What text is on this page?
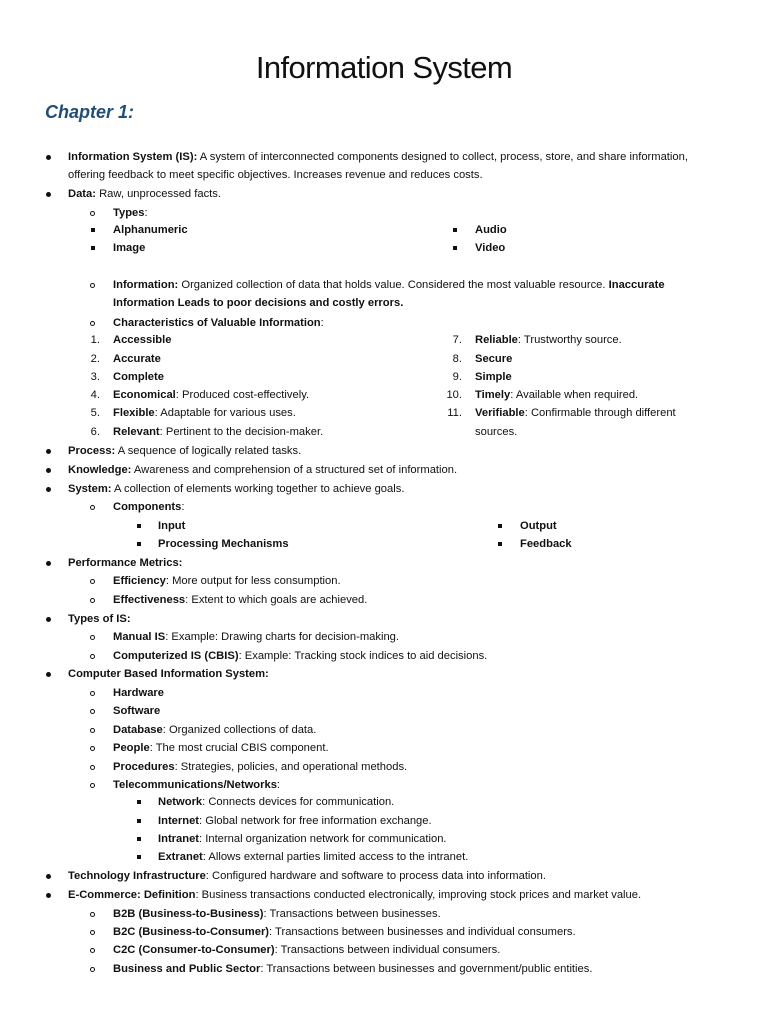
Information System
Chapter 1:
Information System (IS): A system of interconnected components designed to collect, process, store, and share information, offering feedback to meet specific objectives. Increases revenue and reduces costs.
Data: Raw, unprocessed facts.
Types:
Alphanumeric	Audio
Image	Video
Information: Organized collection of data that holds value. Considered the most valuable resource. Inaccurate Information Leads to poor decisions and costly errors.
Characteristics of Valuable Information:
1. Accessible
2. Accurate
3. Complete
4. Economical: Produced cost-effectively.
5. Flexible: Adaptable for various uses.
6. Relevant: Pertinent to the decision-maker.
7. Reliable: Trustworthy source.
8. Secure
9. Simple
10. Timely: Available when required.
11. Verifiable: Confirmable through different
sources.
Process: A sequence of logically related tasks.
Knowledge: Awareness and comprehension of a structured set of information.
System: A collection of elements working together to achieve goals.
Components:
Input	Output
Processing Mechanisms	Feedback
Performance Metrics:
Efficiency: More output for less consumption.
Effectiveness: Extent to which goals are achieved.
Types of IS:
Manual IS: Example: Drawing charts for decision-making.
Computerized IS (CBIS): Example: Tracking stock indices to aid decisions.
Computer Based Information System:
Hardware
Software
Database: Organized collections of data.
People: The most crucial CBIS component.
Procedures: Strategies, policies, and operational methods.
Telecommunications/Networks:
Network: Connects devices for communication.
Internet: Global network for free information exchange.
Intranet: Internal organization network for communication.
Extranet: Allows external parties limited access to the intranet.
Technology Infrastructure: Configured hardware and software to process data into information.
E-Commerce: Definition: Business transactions conducted electronically, improving stock prices and market value.
B2B (Business-to-Business): Transactions between businesses.
B2C (Business-to-Consumer): Transactions between businesses and individual consumers.
C2C (Consumer-to-Consumer): Transactions between individual consumers.
Business and Public Sector: Transactions between businesses and government/public entities.
